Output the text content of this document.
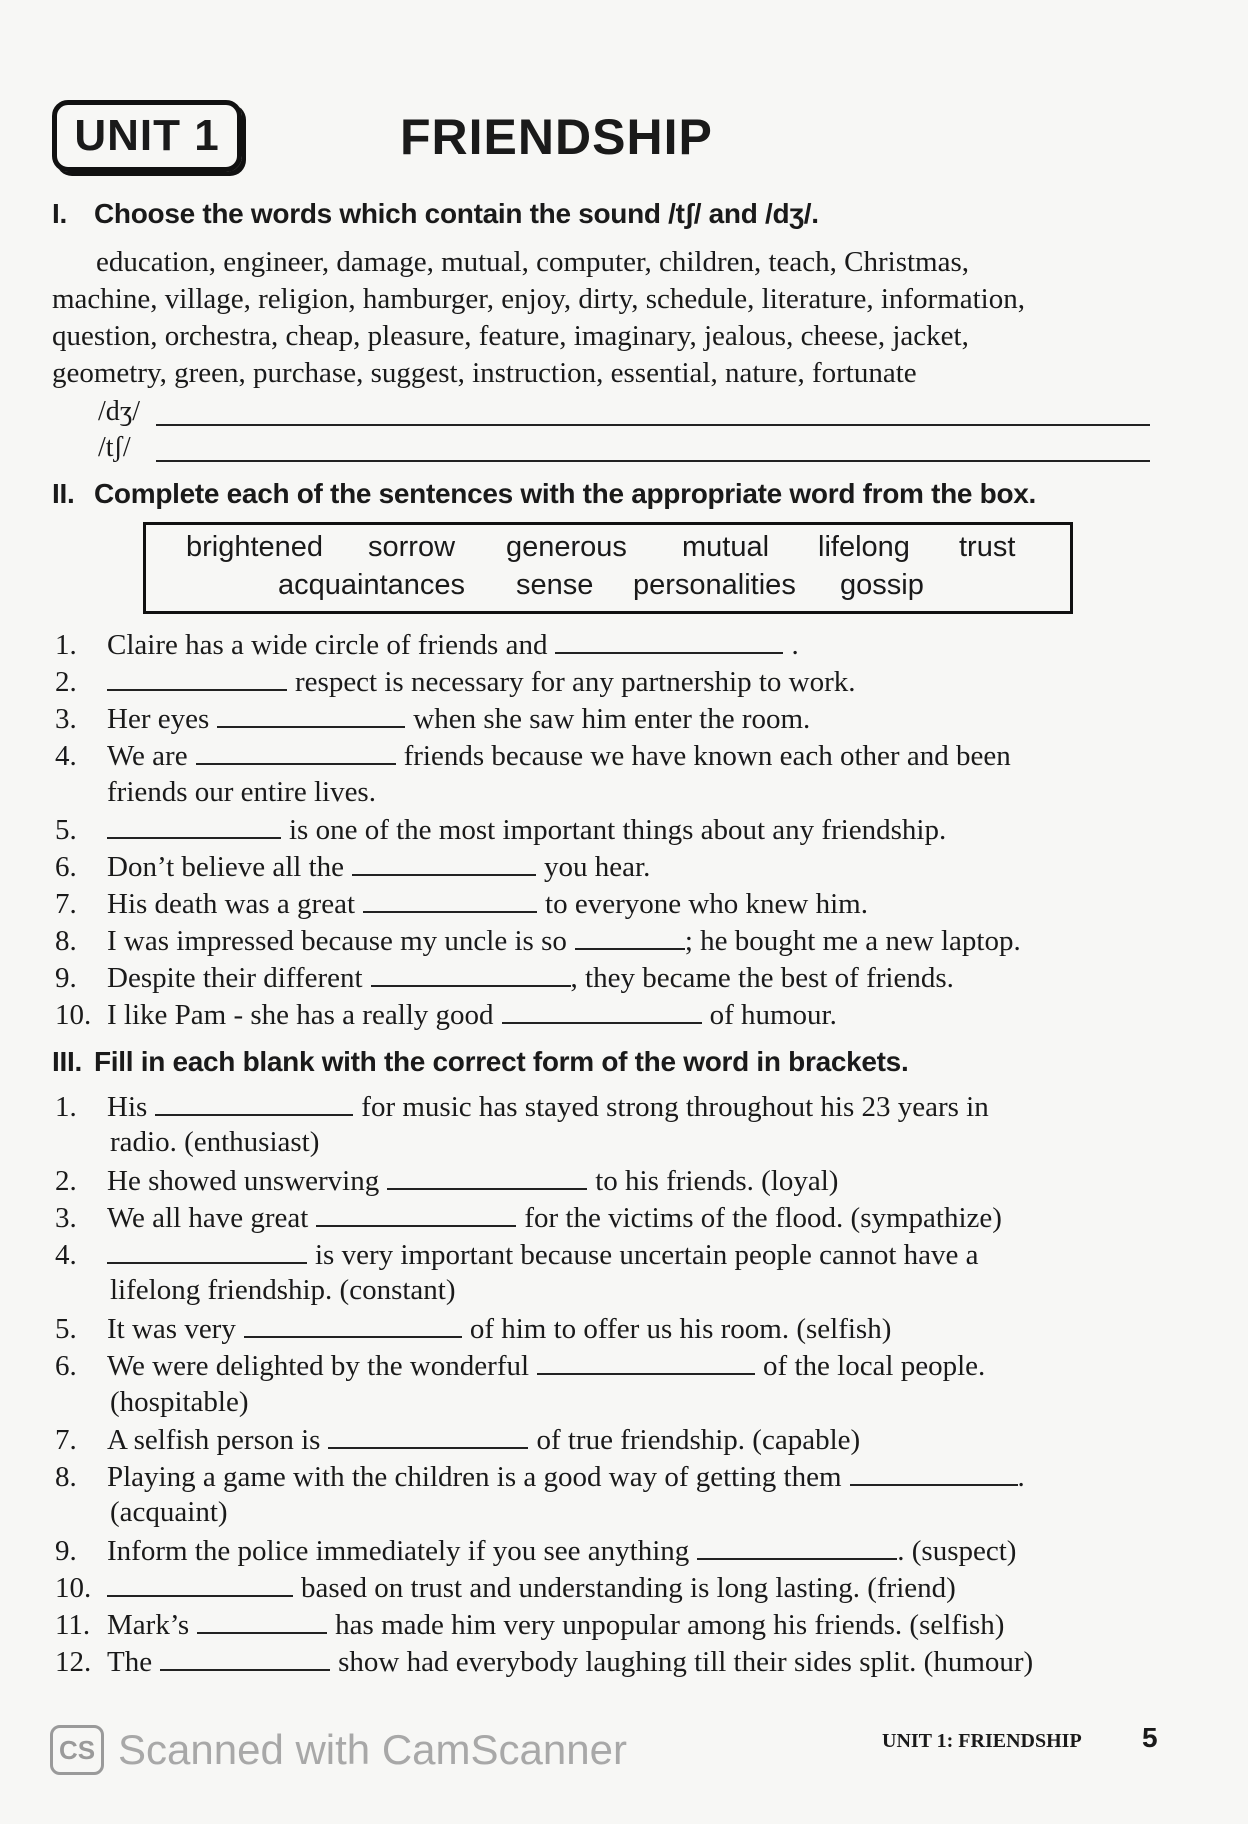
UNIT 1	FRIENDSHIP
I. Choose the words which contain the sound /tʃ/ and /dʒ/.
education, engineer, damage, mutual, computer, children, teach, Christmas,
machine, village, religion, hamburger, enjoy, dirty, schedule, literature, information,
question, orchestra, cheap, pleasure, feature, imaginary, jealous, cheese, jacket,
geometry, green, purchase, suggest, instruction, essential, nature, fortunate
/dʒ/
/tʃ/
II. Complete each of the sentences with the appropriate word from the box.
brightened sorrow generous mutual lifelong trust
acquaintances sense personalities gossip
1. Claire has a wide circle of friends and	.
2.	respect is necessary for any partnership to work.
3. Her eyes	when she saw him enter the room.
4. We are	friends because we have known each other and been
friends our entire lives.
5.	is one of the most important things about any friendship.
6. Don’t believe all the	you hear.
7. His death was a great	to everyone who knew him.
8. I was impressed because my uncle is so	; he bought me a new laptop.
9. Despite their different	, they became the best of friends.
10. I like Pam - she has a really good	of humour.
III. Fill in each blank with the correct form of the word in brackets.
1. His	for music has stayed strong throughout his 23 years in
radio. (enthusiast)
2. He showed unswerving	to his friends. (loyal)
3. We all have great	for the victims of the flood. (sympathize)
4.	is very important because uncertain people cannot have a
lifelong friendship. (constant)
5. It was very	of him to offer us his room. (selfish)
6. We were delighted by the wonderful	of the local people.
(hospitable)
7. A selfish person is	of true friendship. (capable)
8. Playing a game with the children is a good way of getting them	.
(acquaint)
9. Inform the police immediately if you see anything	. (suspect)
10.	based on trust and understanding is long lasting. (friend)
11. Mark’s	has made him very unpopular among his friends. (selfish)
12. The	show had everybody laughing till their sides split. (humour)
CS Scanned with CamScanner	UNIT 1: FRIENDSHIP 5
